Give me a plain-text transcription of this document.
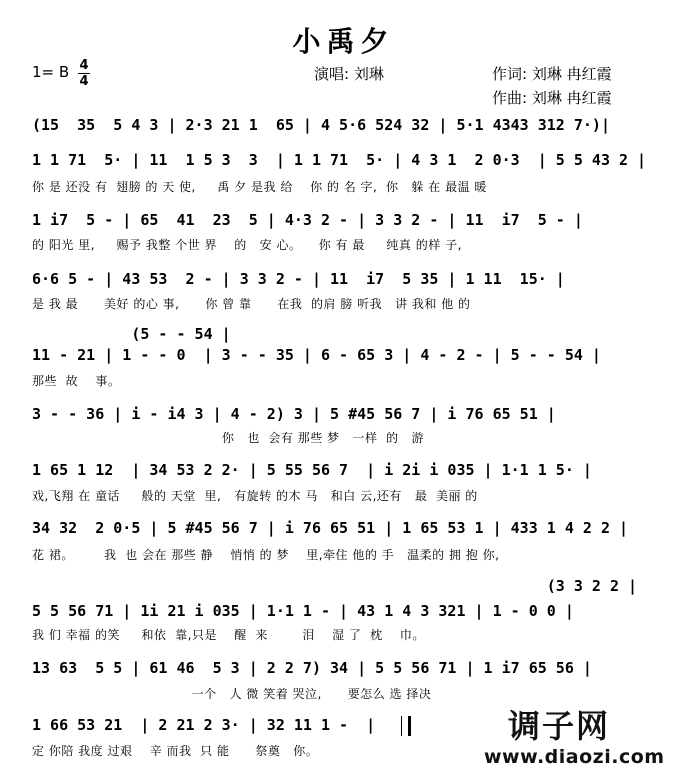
小禹夕
1= B 4
4	演唱: 刘琳	作词: 刘琳 冉红霞
作曲: 刘琳 冉红霞
(15  35  5 4 3 | 2·3 21 1  65 | 4 5·6 524 32 | 5·1 4343 312 7·)|
1 1 71  5· | 11  1 5 3  3  | 1 1 71  5· | 4 3 1  2 0·3  | 5 5 43 2 |
你 是 还没 有  翅膀 的 天 使,     禹 夕 是我 给    你 的 名 字,  你   躲 在 最温 暖
1 i7  5 - | 65  41  23  5 | 4·3 2 - | 3 3 2 - | 11  i7  5 - |
的 阳光 里,     赐予 我整 个世 界    的   安 心。    你 有 最     纯真 的样 子,
6·6 5 - | 43 53  2 - | 3 3 2 - | 11  i7  5 35 | 1 11  15· |
是 我 最      美好 的心 事,      你 曾 靠      在我  的肩 膀 听我   讲 我和 他 的
(5 - - 54 |
11 - 21 | 1 - - 0  | 3 - - 35 | 6 - 65 3 | 4 - 2 - | 5 - - 54 |
那些  故    事。
3 - - 36 | i - i4 3 | 4 - 2) 3 | 5 #45 56 7 | i 76 65 51 |
你   也  会有 那些 梦   一样  的   游
1 65 1 12  | 34 53 2 2· | 5 55 56 7  | i 2i i 035 | 1·1 1 5· |
戏,飞翔 在 童话     般的 天堂  里,   有旋转 的木 马   和白 云,还有   最  美丽 的
34 32  2 0·5 | 5 #45 56 7 | i 76 65 51 | 1 65 53 1 | 433 1 4 2 2 |
花 裙。       我  也 会在 那些 静    悄悄 的 梦    里,牵住 他的 手   温柔的 拥 抱 你,
(3 3 2 2 |
5 5 56 71 | 1i 21 i 035 | 1·1 1 - | 43 1 4 3 321 | 1 - 0 0 |
我 们 幸福 的笑     和依  靠,只是    醒  来        泪    湿 了  枕    巾。
13 63  5 5 | 61 46  5 3 | 2 2 7) 34 | 5 5 56 71 | 1 i7 65 56 |
一个   人 微 笑着 哭泣,      要怎么 选 择决
1 66 53 21  | 2 21 2 3· | 32 11 1 -  |
定 你陪 我度 过艰    辛 而我  只 能      祭奠   你。
调子网
www.diaozi.com
